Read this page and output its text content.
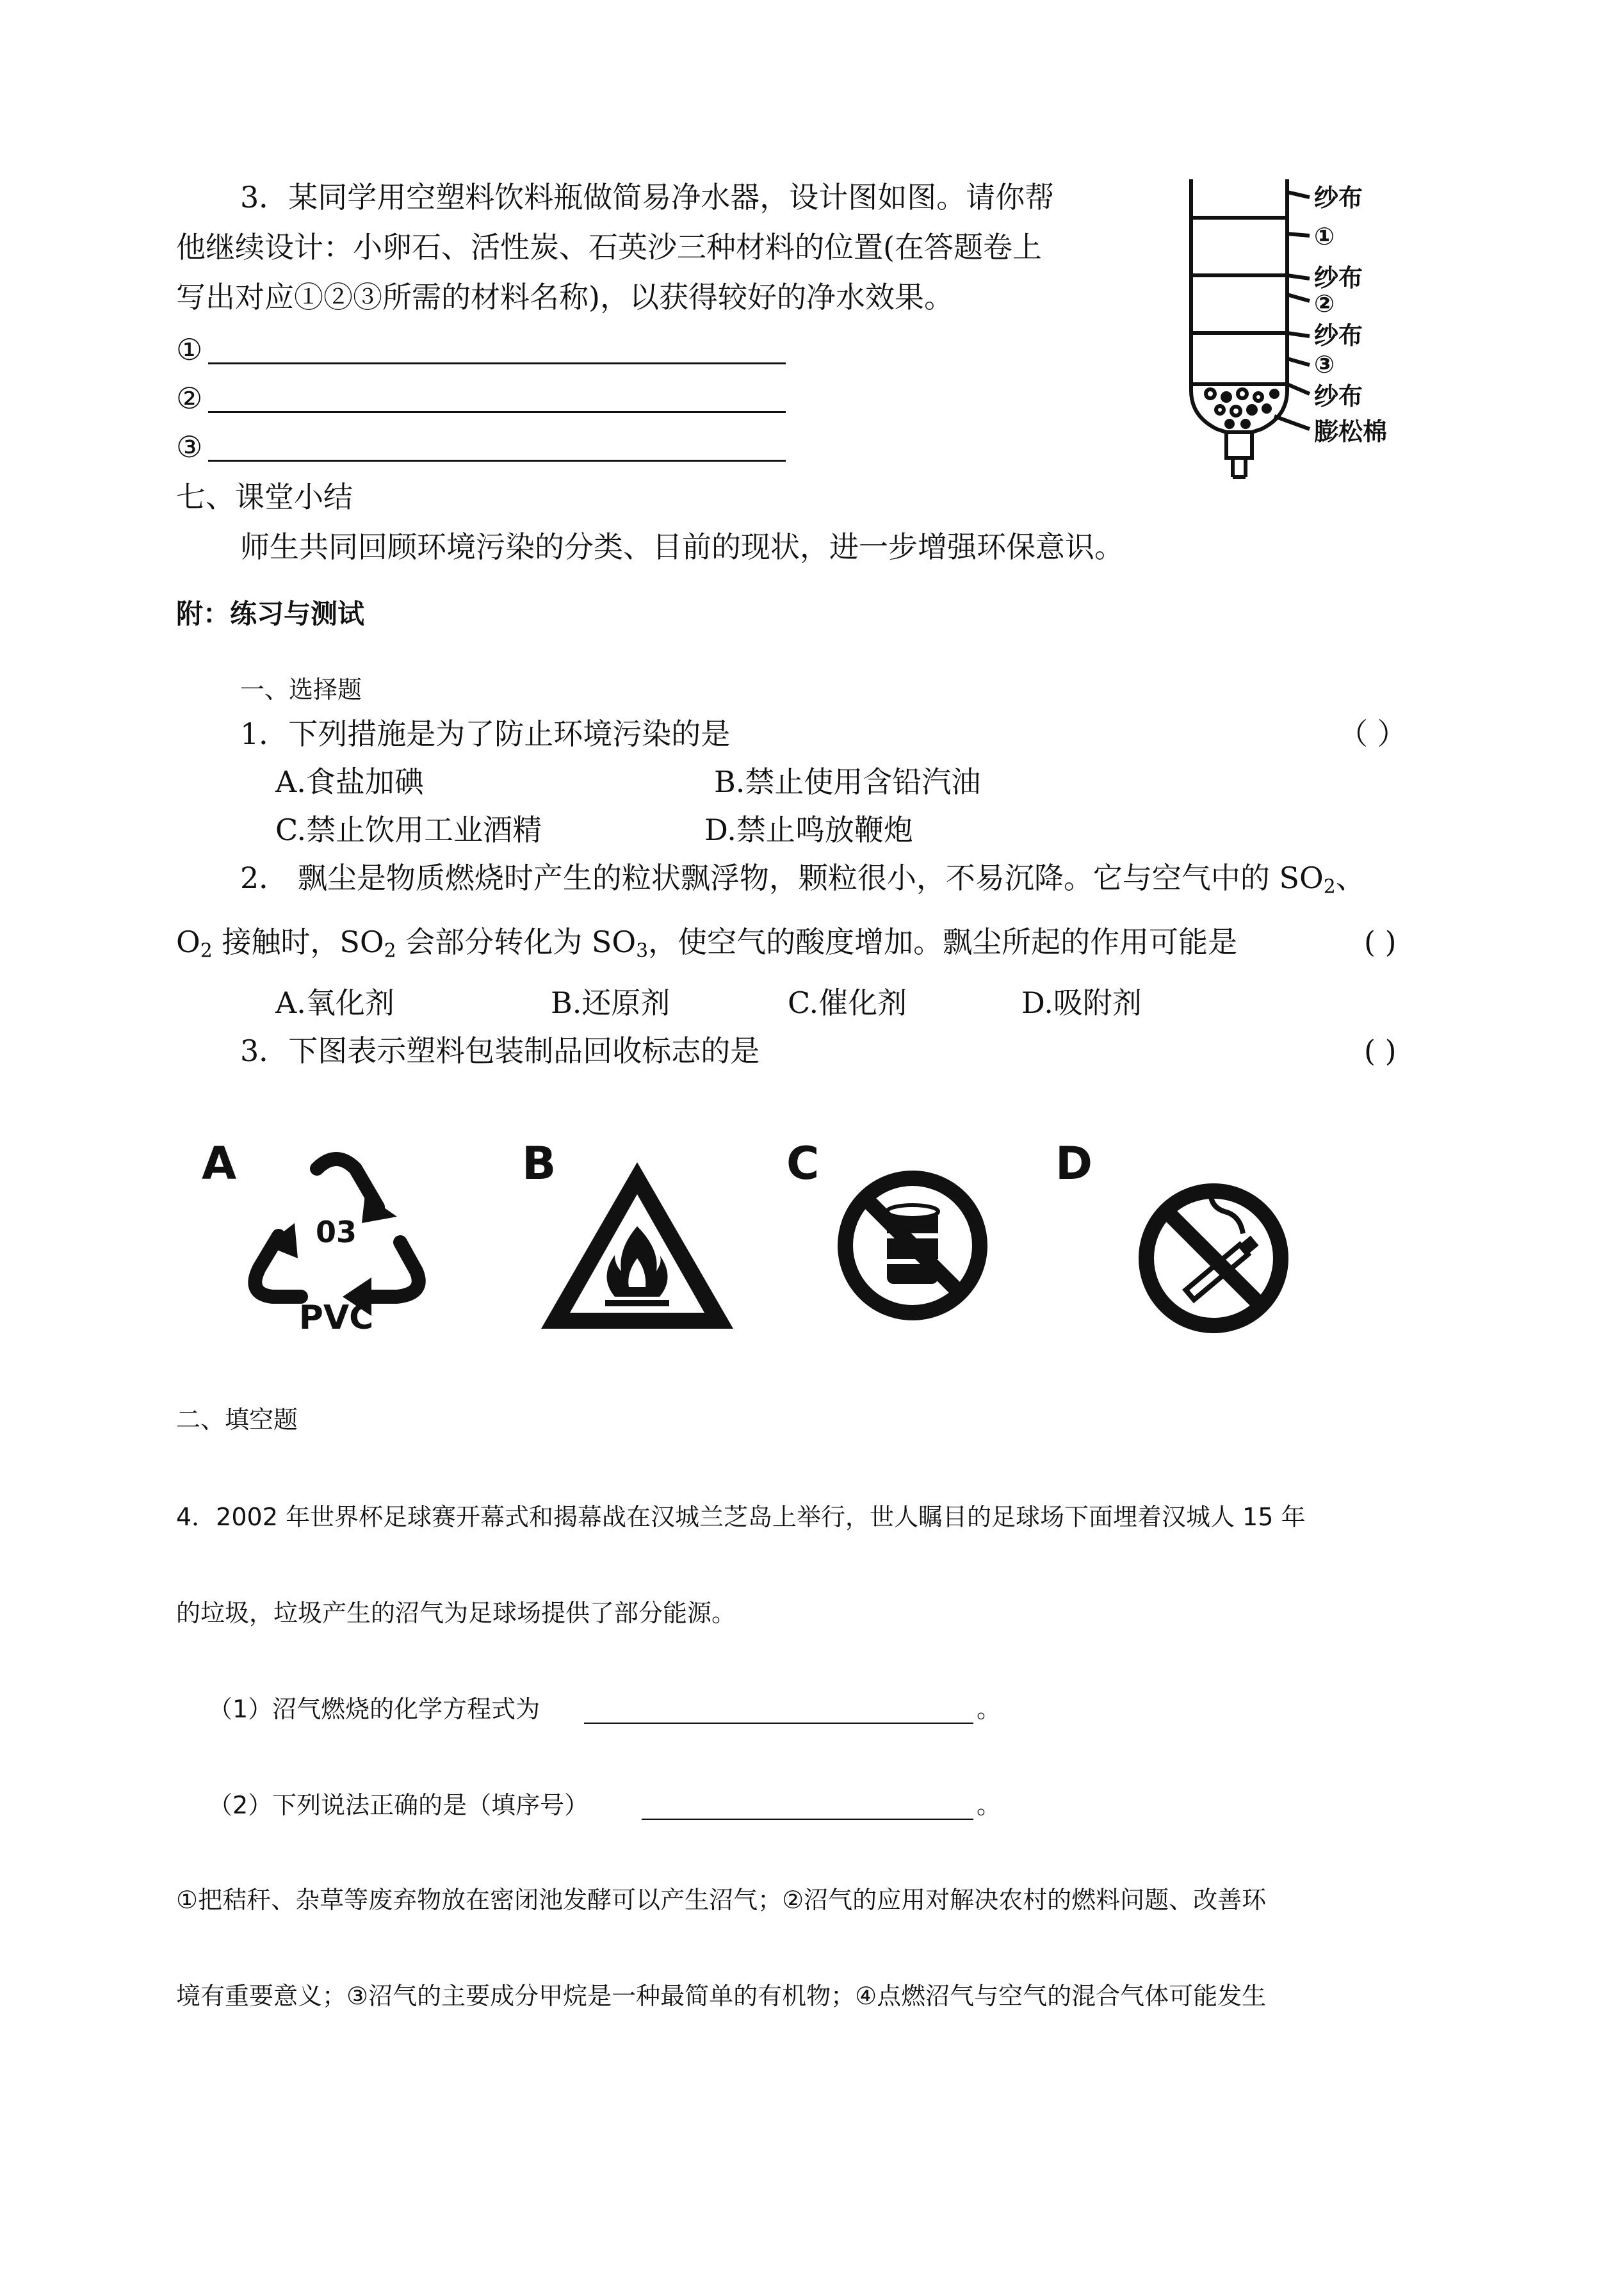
3．某同学用空塑料饮料瓶做简易净水器，设计图如图。请你帮
他继续设计：小卵石、活性炭、石英沙三种材料的位置(在答题卷上
写出对应①②③所需的材料名称)，以获得较好的净水效果。
①
②
③
纱布
①
纱布
②
纱布
③
纱布
膨松棉
七、课堂小结
师生共同回顾环境污染的分类、目前的现状，进一步增强环保意识。
附：练习与测试
一、选择题
1．下列措施是为了防止环境污染的是	（ ）
A.食盐加碘	B.禁止使用含铅汽油
C.禁止饮用工业酒精	D.禁止鸣放鞭炮
2． 飘尘是物质燃烧时产生的粒状飘浮物，颗粒很小，不易沉降。它与空气中的 $SO_2$、
$O_2$ 接触时，$SO_2$ 会部分转化为 $SO_3$，使空气的酸度增加。飘尘所起的作用可能是	( )
A.氧化剂	B.还原剂	C.催化剂	D.吸附剂
3．下图表示塑料包装制品回收标志的是	( )
A
03
PVC
B	C	D
二、填空题
4．2002 年世界杯足球赛开幕式和揭幕战在汉城兰芝岛上举行，世人瞩目的足球场下面埋着汉城人 15 年
的垃圾，垃圾产生的沼气为足球场提供了部分能源。
（1）沼气燃烧的化学方程式为	。
（2）下列说法正确的是（填序号）	。
①把秸秆、杂草等废弃物放在密闭池发酵可以产生沼气；②沼气的应用对解决农村的燃料问题、改善环
境有重要意义；③沼气的主要成分甲烷是一种最简单的有机物；④点燃沼气与空气的混合气体可能发生
